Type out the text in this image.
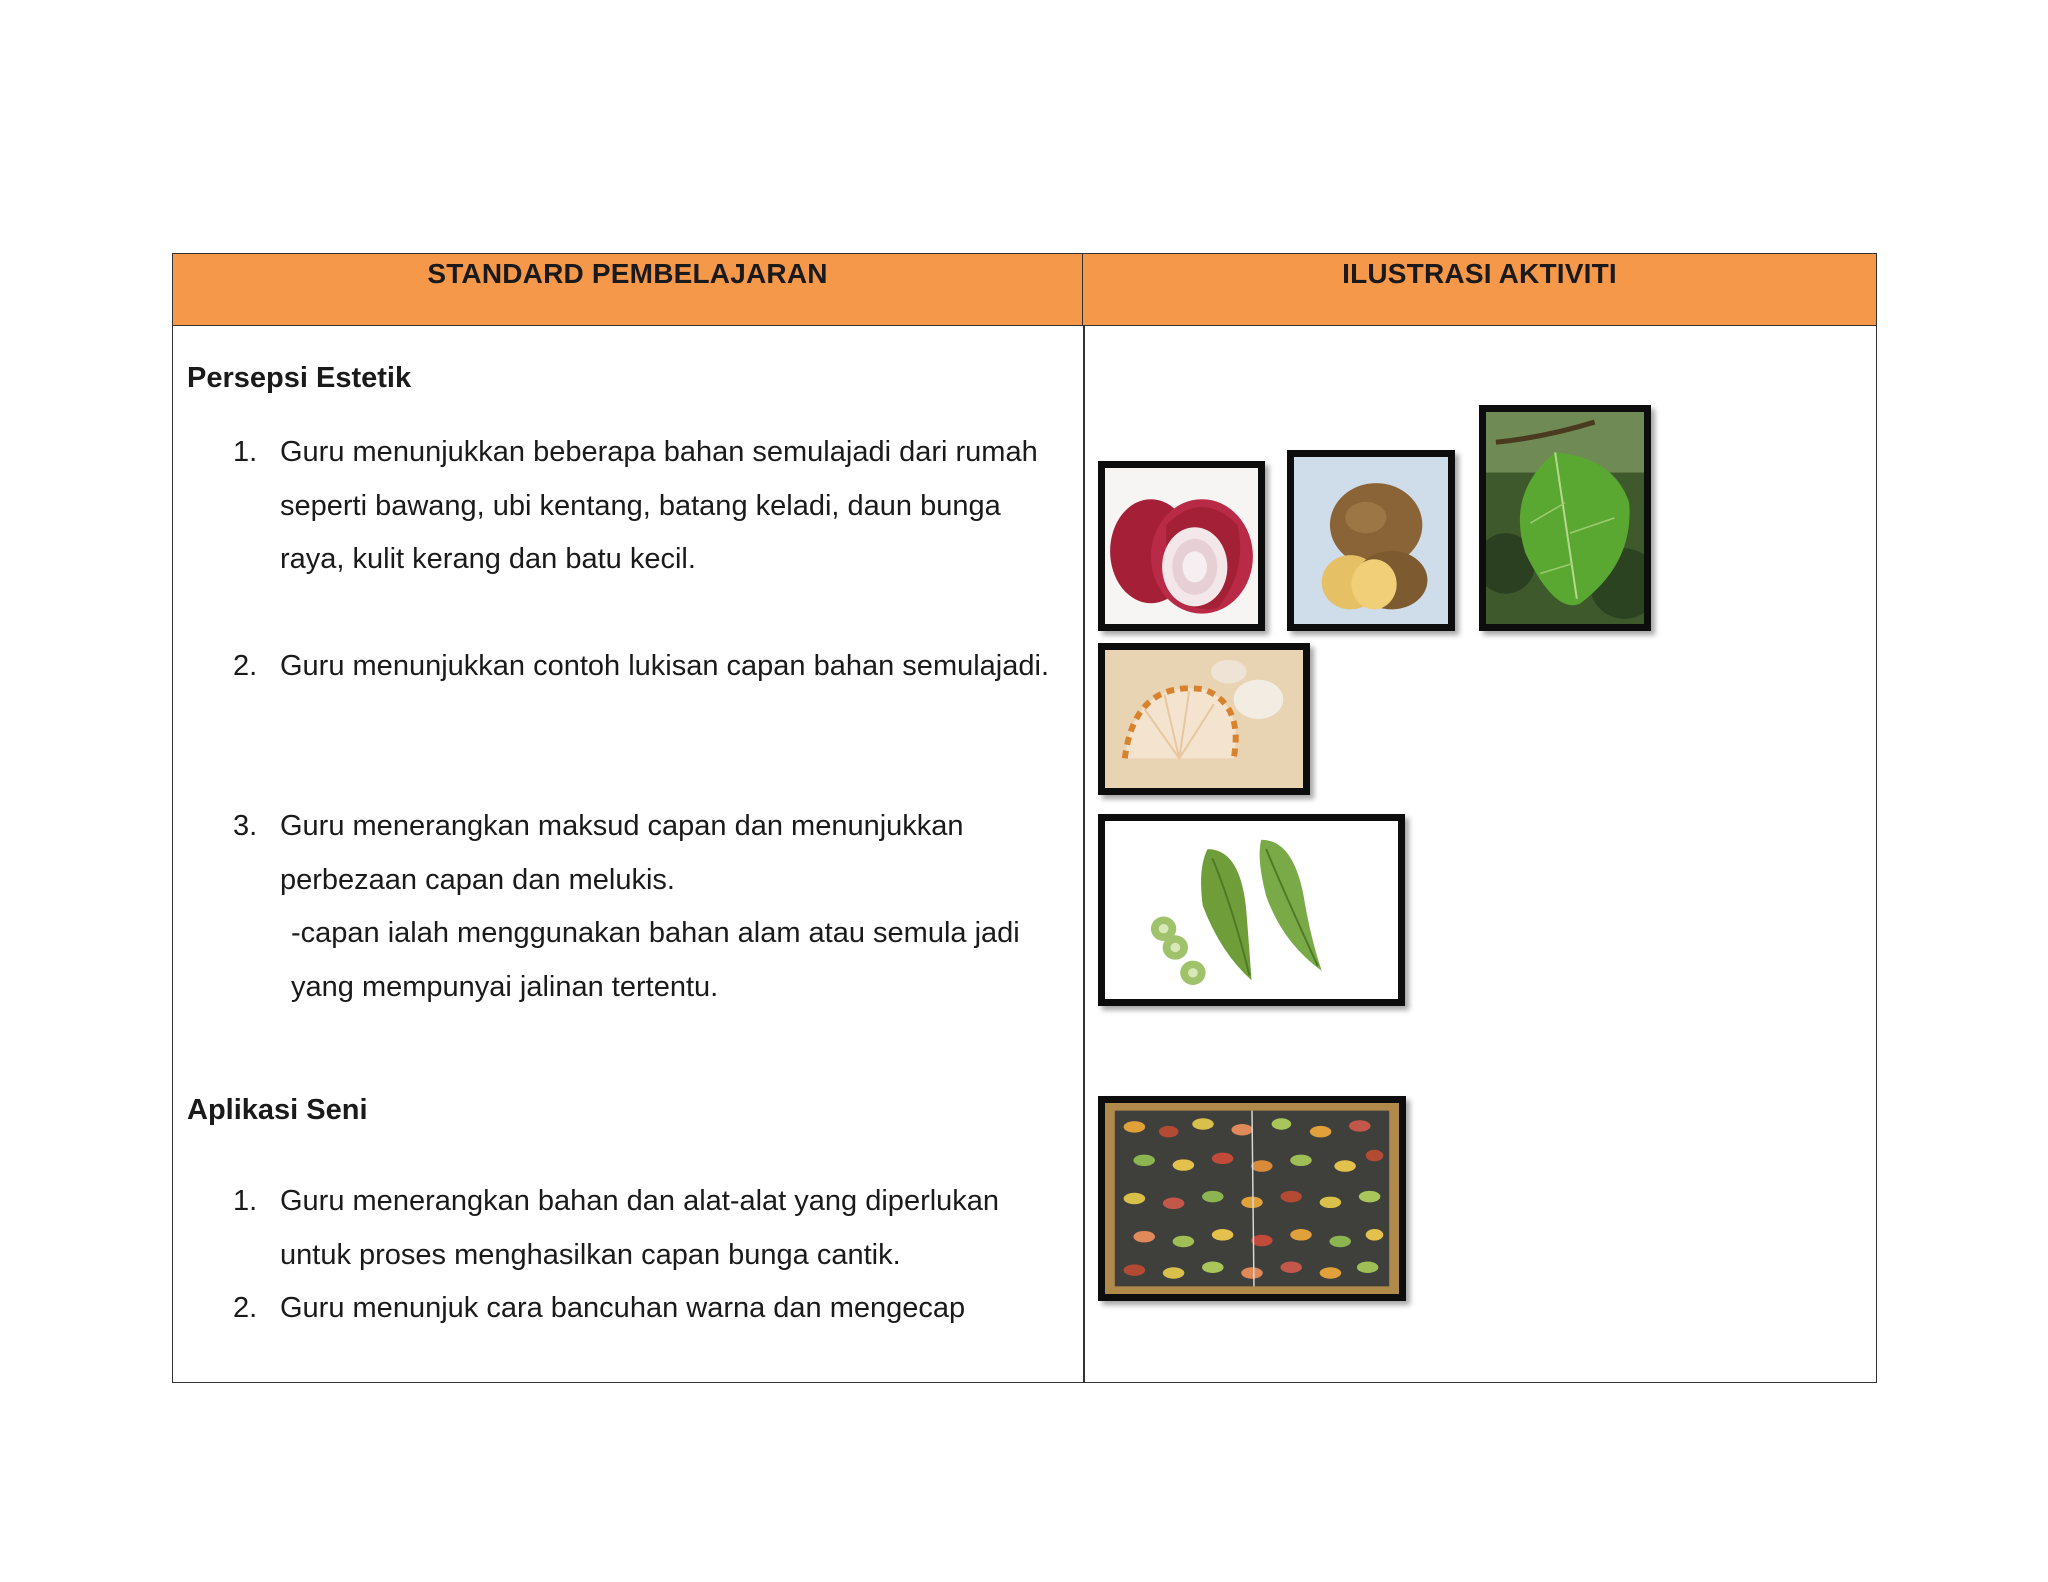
STANDARD PEMBELAJARAN	ILUSTRASI AKTIVITI
Persepsi Estetik
1. Guru menunjukkan beberapa bahan semulajadi dari rumah seperti bawang, ubi kentang, batang keladi, daun bunga raya, kulit kerang dan batu kecil.
2. Guru menunjukkan contoh lukisan capan bahan semulajadi.
3. Guru menerangkan maksud capan dan menunjukkan perbezaan capan dan melukis.
-capan ialah menggunakan bahan alam atau semula jadi yang mempunyai jalinan tertentu.
Aplikasi Seni
1. Guru menerangkan bahan dan alat-alat yang diperlukan untuk proses menghasilkan capan bunga cantik.
2. Guru menunjuk cara bancuhan warna dan mengecap
